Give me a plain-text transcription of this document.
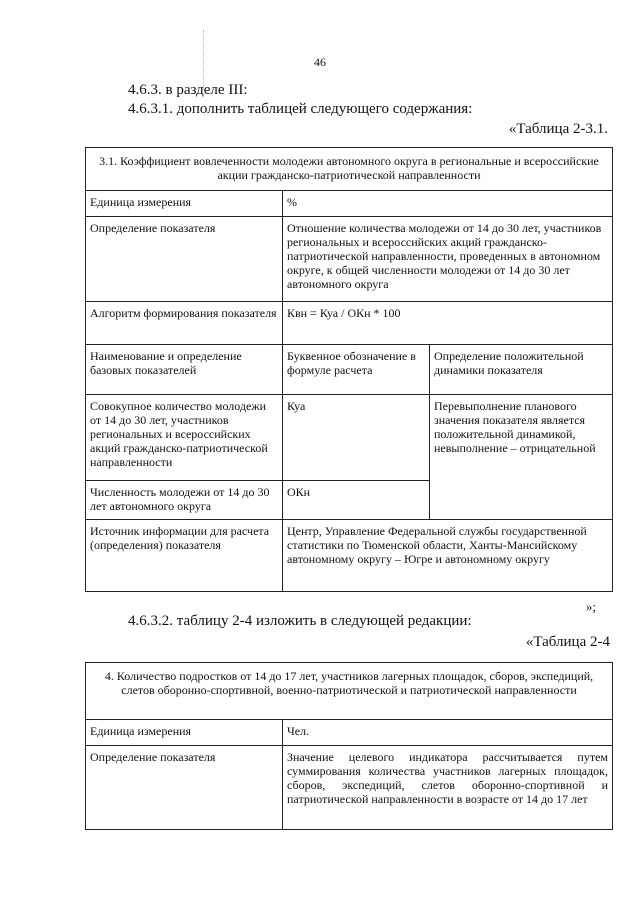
46
4.6.3. в разделе III:
4.6.3.1. дополнить таблицей следующего содержания:
«Таблица 2-3.1.
3.1. Коэффициент вовлеченности молодежи автономного округа в региональные и всероссийские акции гражданско-патриотической направленности		
Единица измерения	%	
Определение показателя	Отношение количества молодежи от 14 до 30 лет, участников региональных и всероссийских акций гражданско-патриотической направленности, проведенных в автономном округе, к общей численности молодежи от 14 до 30 лет автономного округа	
Алгоритм формирования показателя	Квн = Куа / ОКн * 100	
Наименование и определение базовых показателей	Буквенное обозначение в формуле расчета	Определение положительной динамики показателя
Совокупное количество молодежи от 14 до 30 лет, участников региональных и всероссийских акций гражданско-патриотической направленности	Куа	Перевыполнение планового значения показателя является положительной динамикой, невыполнение – отрицательной
Численность молодежи от 14 до 30 лет автономного округа	ОКн	
Источник информации для расчета (определения) показателя	Центр, Управление Федеральной службы государственной статистики по Тюменской области, Ханты-Мансийскому автономному округу – Югре и автономному округу	
»;
4.6.3.2. таблицу 2-4 изложить в следующей редакции:
«Таблица 2-4
4. Количество подростков от 14 до 17 лет, участников лагерных площадок, сборов, экспедиций, слетов оборонно-спортивной, военно-патриотической и патриотической направленности	
Единица измерения	Чел.
Определение показателя	Значение целевого индикатора рассчитывается путем суммирования количества участников лагерных площадок, сборов, экспедиций, слетов оборонно-спортивной и патриотической направленности в возрасте от 14 до 17 лет
